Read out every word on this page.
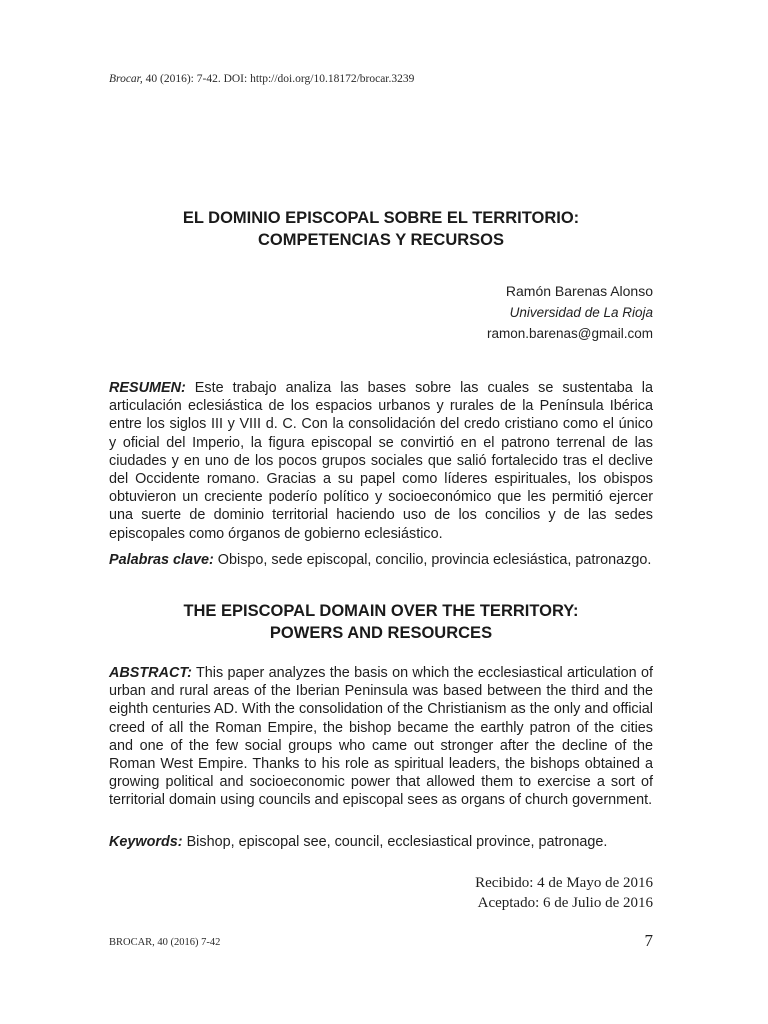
Brocar, 40 (2016): 7-42. DOI: http://doi.org/10.18172/brocar.3239
EL DOMINIO EPISCOPAL SOBRE EL TERRITORIO:
COMPETENCIAS Y RECURSOS
Ramón Barenas Alonso
Universidad de La Rioja
ramon.barenas@gmail.com
RESUMEN: Este trabajo analiza las bases sobre las cuales se sustentaba la articulación eclesiástica de los espacios urbanos y rurales de la Península Ibérica entre los siglos III y VIII d. C. Con la consolidación del credo cristiano como el único y oficial del Imperio, la figura episcopal se convirtió en el patrono terrenal de las ciudades y en uno de los pocos grupos sociales que salió fortalecido tras el declive del Occidente romano. Gracias a su papel como líderes espirituales, los obispos obtuvieron un creciente poderío político y socioeconómico que les permitió ejercer una suerte de dominio territorial haciendo uso de los concilios y de las sedes episcopales como órganos de gobierno eclesiástico.
Palabras clave: Obispo, sede episcopal, concilio, provincia eclesiástica, patronazgo.
THE EPISCOPAL DOMAIN OVER THE TERRITORY:
POWERS AND RESOURCES
ABSTRACT: This paper analyzes the basis on which the ecclesiastical articulation of urban and rural areas of the Iberian Peninsula was based between the third and the eighth centuries AD. With the consolidation of the Christianism as the only and official creed of all the Roman Empire, the bishop became the earthly patron of the cities and one of the few social groups who came out stronger after the decline of the Roman West Empire. Thanks to his role as spiritual leaders, the bishops obtained a growing political and socioeconomic power that allowed them to exercise a sort of territorial domain using councils and episcopal sees as organs of church government.
Keywords: Bishop, episcopal see, council, ecclesiastical province, patronage.
Recibido: 4 de Mayo de 2016
Aceptado: 6 de Julio de 2016
BROCAR, 40 (2016) 7-42	7
